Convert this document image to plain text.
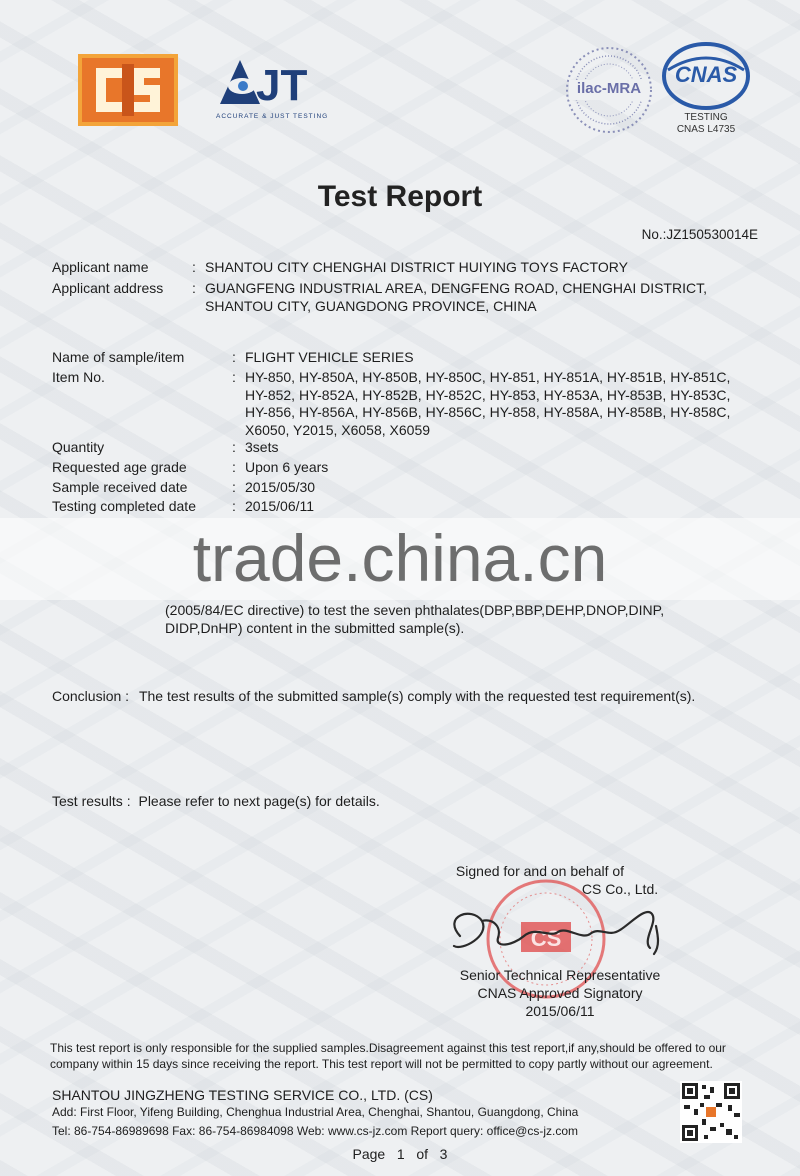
JT
ACCURATE & JUST TESTING
ilac-MRA
CNAS
TESTING
CNAS L4735
Test Report
No.:JZ150530014E
Applicant name	: SHANTOU CITY CHENGHAI DISTRICT HUIYING TOYS FACTORY
Applicant address : GUANGFENG INDUSTRIAL AREA, DENGFENG ROAD, CHENGHAI DISTRICT,
SHANTOU CITY, GUANGDONG PROVINCE, CHINA
Name of sample/item	: FLIGHT VEHICLE SERIES
Item No.	: HY-850, HY-850A, HY-850B, HY-850C, HY-851, HY-851A, HY-851B, HY-851C,
HY-852, HY-852A, HY-852B, HY-852C, HY-853, HY-853A, HY-853B, HY-853C,
HY-856, HY-856A, HY-856B, HY-856C, HY-858, HY-858A, HY-858B, HY-858C,
X6050, Y2015, X6058, X6059
Quantity	: 3sets
Requested age grade	: Upon 6 years
Sample received date	: 2015/05/30
Testing completed date	: 2015/06/11
trade.china.cn
(2005/84/EC directive) to test the seven phthalates(DBP,BBP,DEHP,DNOP,DINP,
DIDP,DnHP) content in the submitted sample(s).
Conclusion : The test results of the submitted sample(s) comply with the requested test requirement(s).
Test results : Please refer to next page(s) for details.
CS
Signed for and on behalf of
CS Co., Ltd.
Senior Technical Representative
CNAS Approved Signatory
2015/06/11
This test report is only responsible for the supplied samples.Disagreement against this test report,if any,should be offered to our company within 15 days since receiving the report. This test report will not be permitted to copy partly without our agreement.
SHANTOU JINGZHENG TESTING SERVICE CO., LTD. (CS)
Add: First Floor, Yifeng Building, Chenghua Industrial Area, Chenghai, Shantou, Guangdong, China
Tel: 86-754-86989698 Fax: 86-754-86984098 Web: www.cs-jz.com Report query: office@cs-jz.com
Page   1   of   3
